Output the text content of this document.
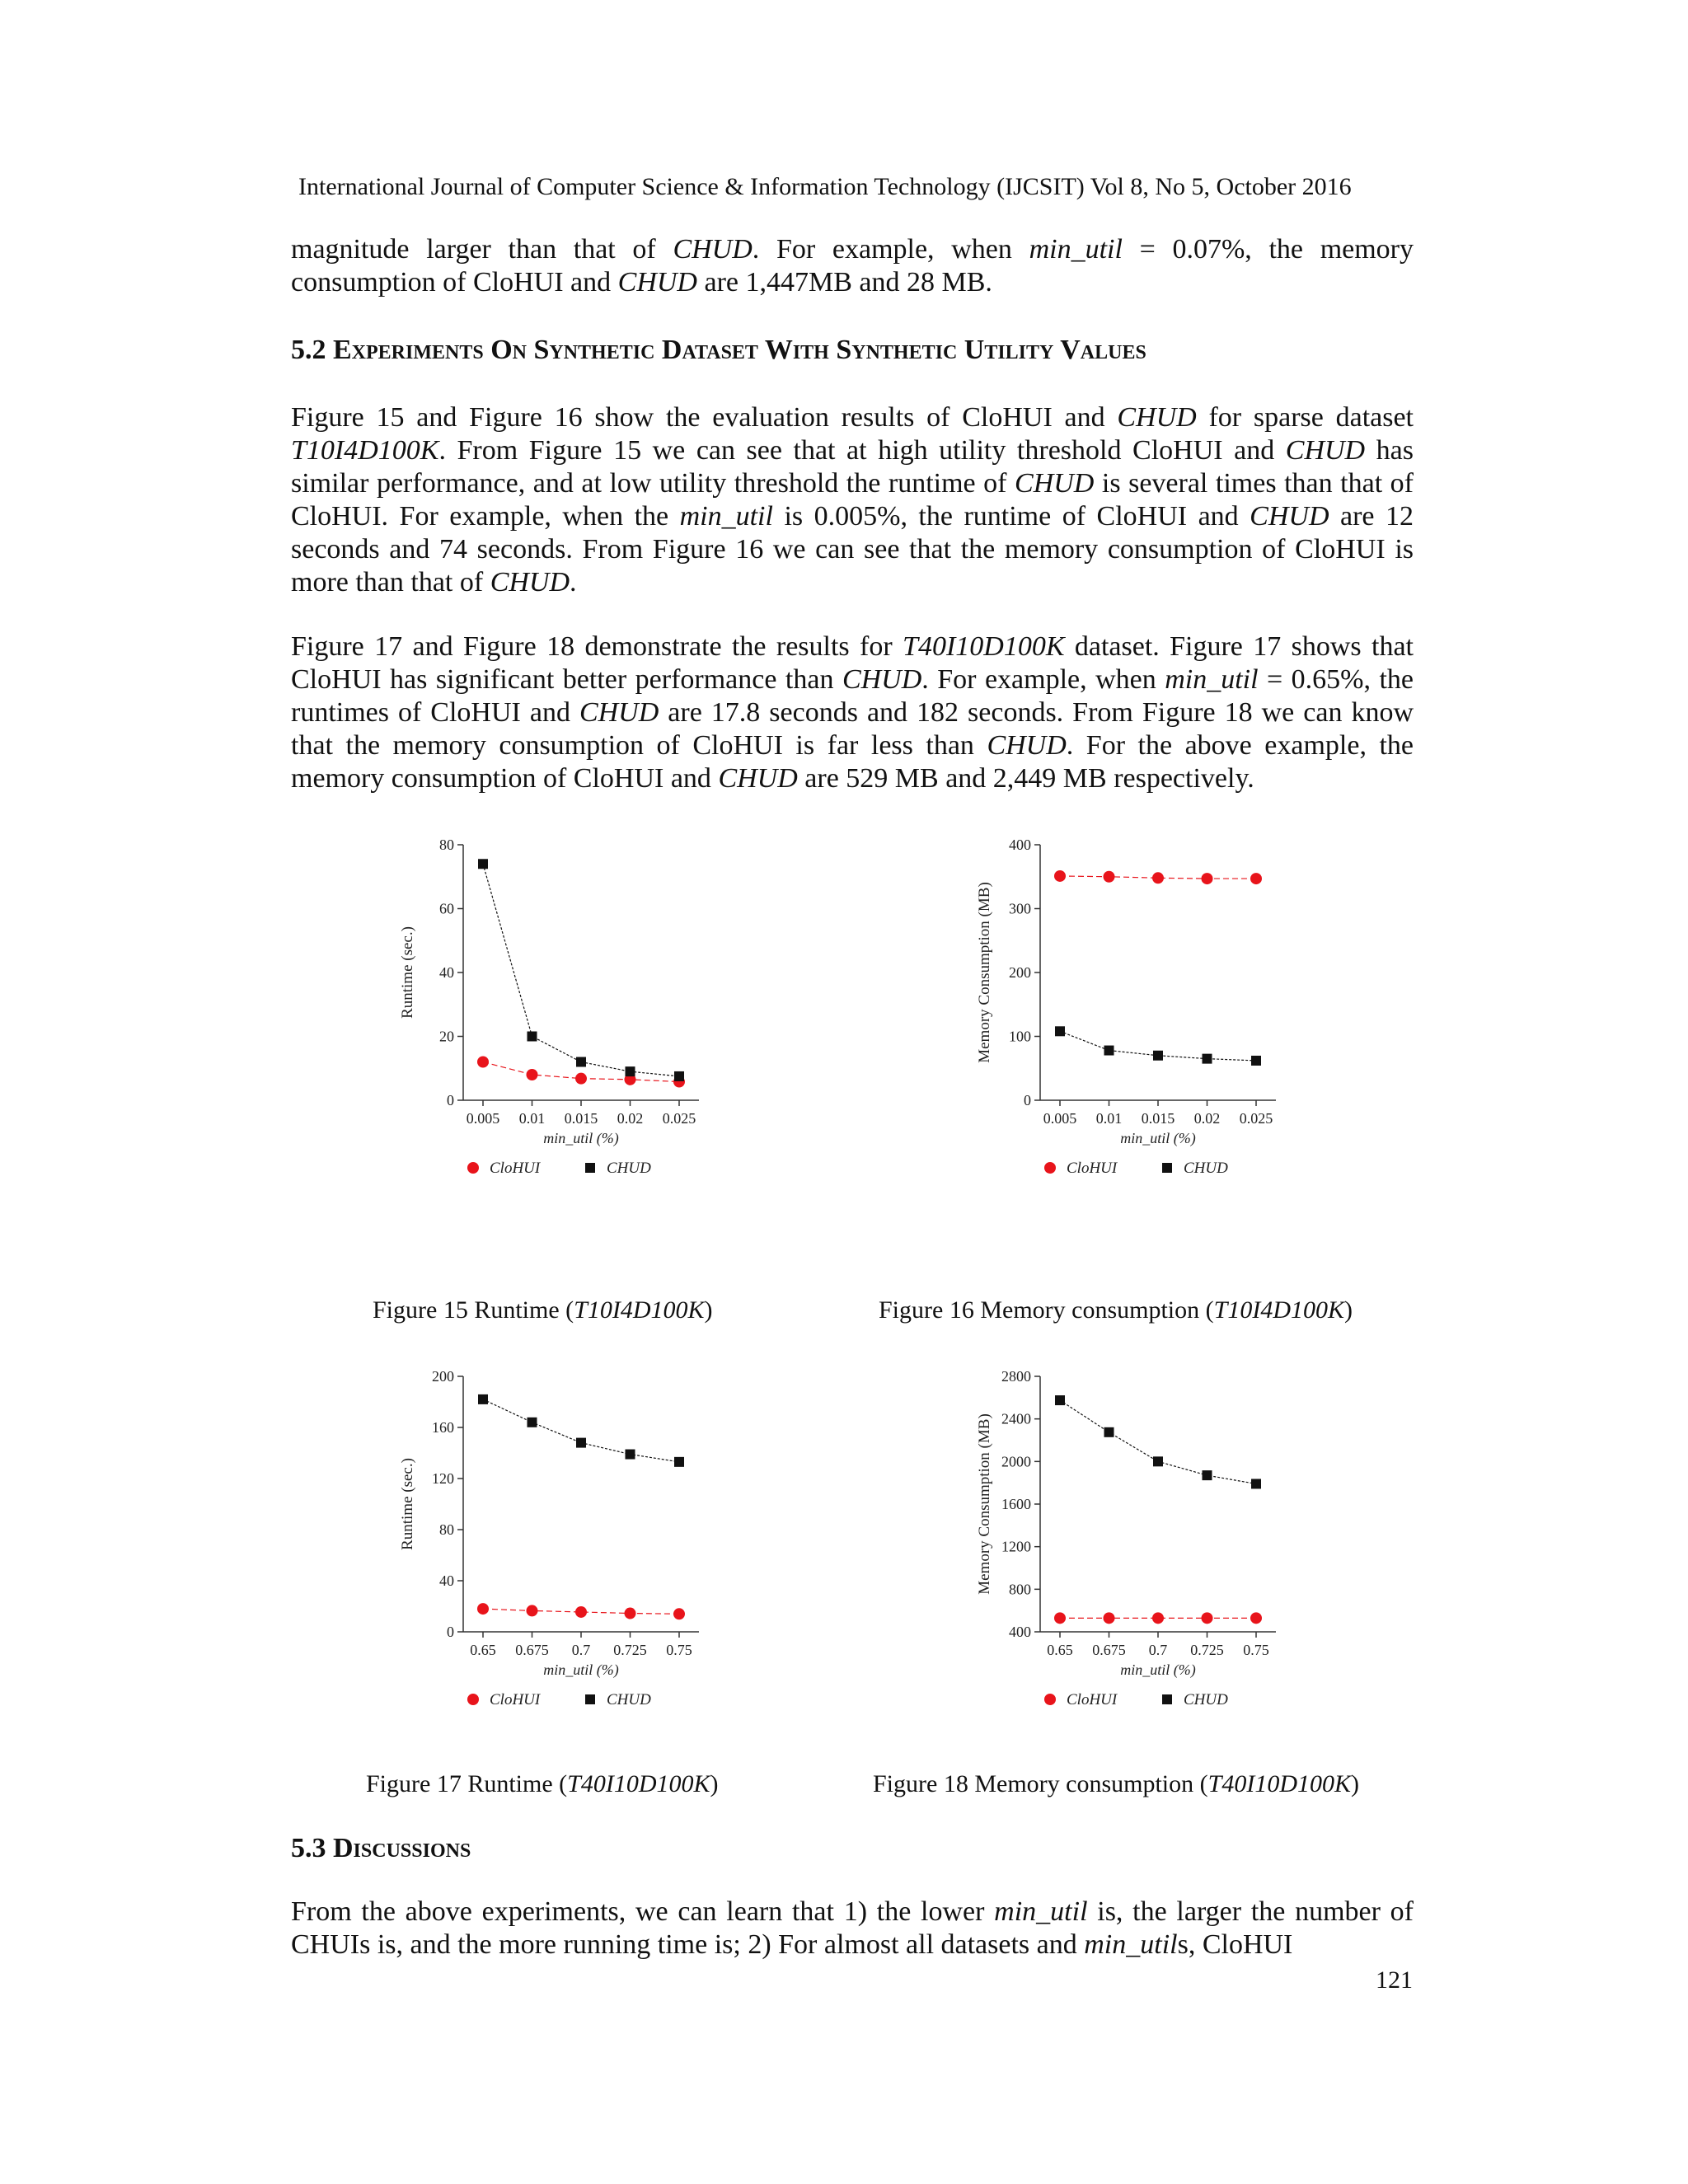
International Journal of Computer Science & Information Technology (IJCSIT) Vol 8, No 5, October 2016

magnitude larger than that of CHUD. For example, when min_util = 0.07%, the memory consumption of CloHUI and CHUD are 1,447MB and 28 MB.

5.2 Experiments On Synthetic Dataset With Synthetic Utility Values

Figure 15 and Figure 16 show the evaluation results of CloHUI and CHUD for sparse dataset T10I4D100K. From Figure 15 we can see that at high utility threshold CloHUI and CHUD has similar performance, and at low utility threshold the runtime of CHUD is several times than that of CloHUI. For example, when the min_util is 0.005%, the runtime of CloHUI and CHUD are 12 seconds and 74 seconds. From Figure 16 we can see that the memory consumption of CloHUI is more than that of CHUD.

Figure 17 and Figure 18 demonstrate the results for T40I10D100K dataset. Figure 17 shows that CloHUI has significant better performance than CHUD. For example, when min_util = 0.65%, the runtimes of CloHUI and CHUD are 17.8 seconds and 182 seconds. From Figure 18 we can know that the memory consumption of CloHUI is far less than CHUD. For the above example, the memory consumption of CloHUI and CHUD are 529 MB and 2,449 MB respectively.

0
20
40
60
80
0.005 0.01 0.015 0.02 0.025
min_util (%)
Runtime (sec.)
CloHUI	CHUD
0
100
200
300
400
0.005 0.01 0.015 0.02 0.025
min_util (%)
Memory Consumption (MB)
CloHUI	CHUD
0
40
80
120
160
200
0.65 0.675 0.7 0.725 0.75
min_util (%)
Runtime (sec.)
CloHUI	CHUD
400
800
1200
1600
2000
2400
2800
0.65 0.675 0.7 0.725 0.75
min_util (%)
Memory Consumption (MB)
CloHUI	CHUD
Figure 15 Runtime (T10I4D100K)	Figure 16 Memory consumption (T10I4D100K)
Figure 17 Runtime (T40I10D100K)	Figure 18 Memory consumption (T40I10D100K)

5.3 Discussions

From the above experiments, we can learn that 1) the lower min_util is, the larger the number of CHUIs is, and the more running time is; 2) For almost all datasets and min_utils, CloHUI

121
